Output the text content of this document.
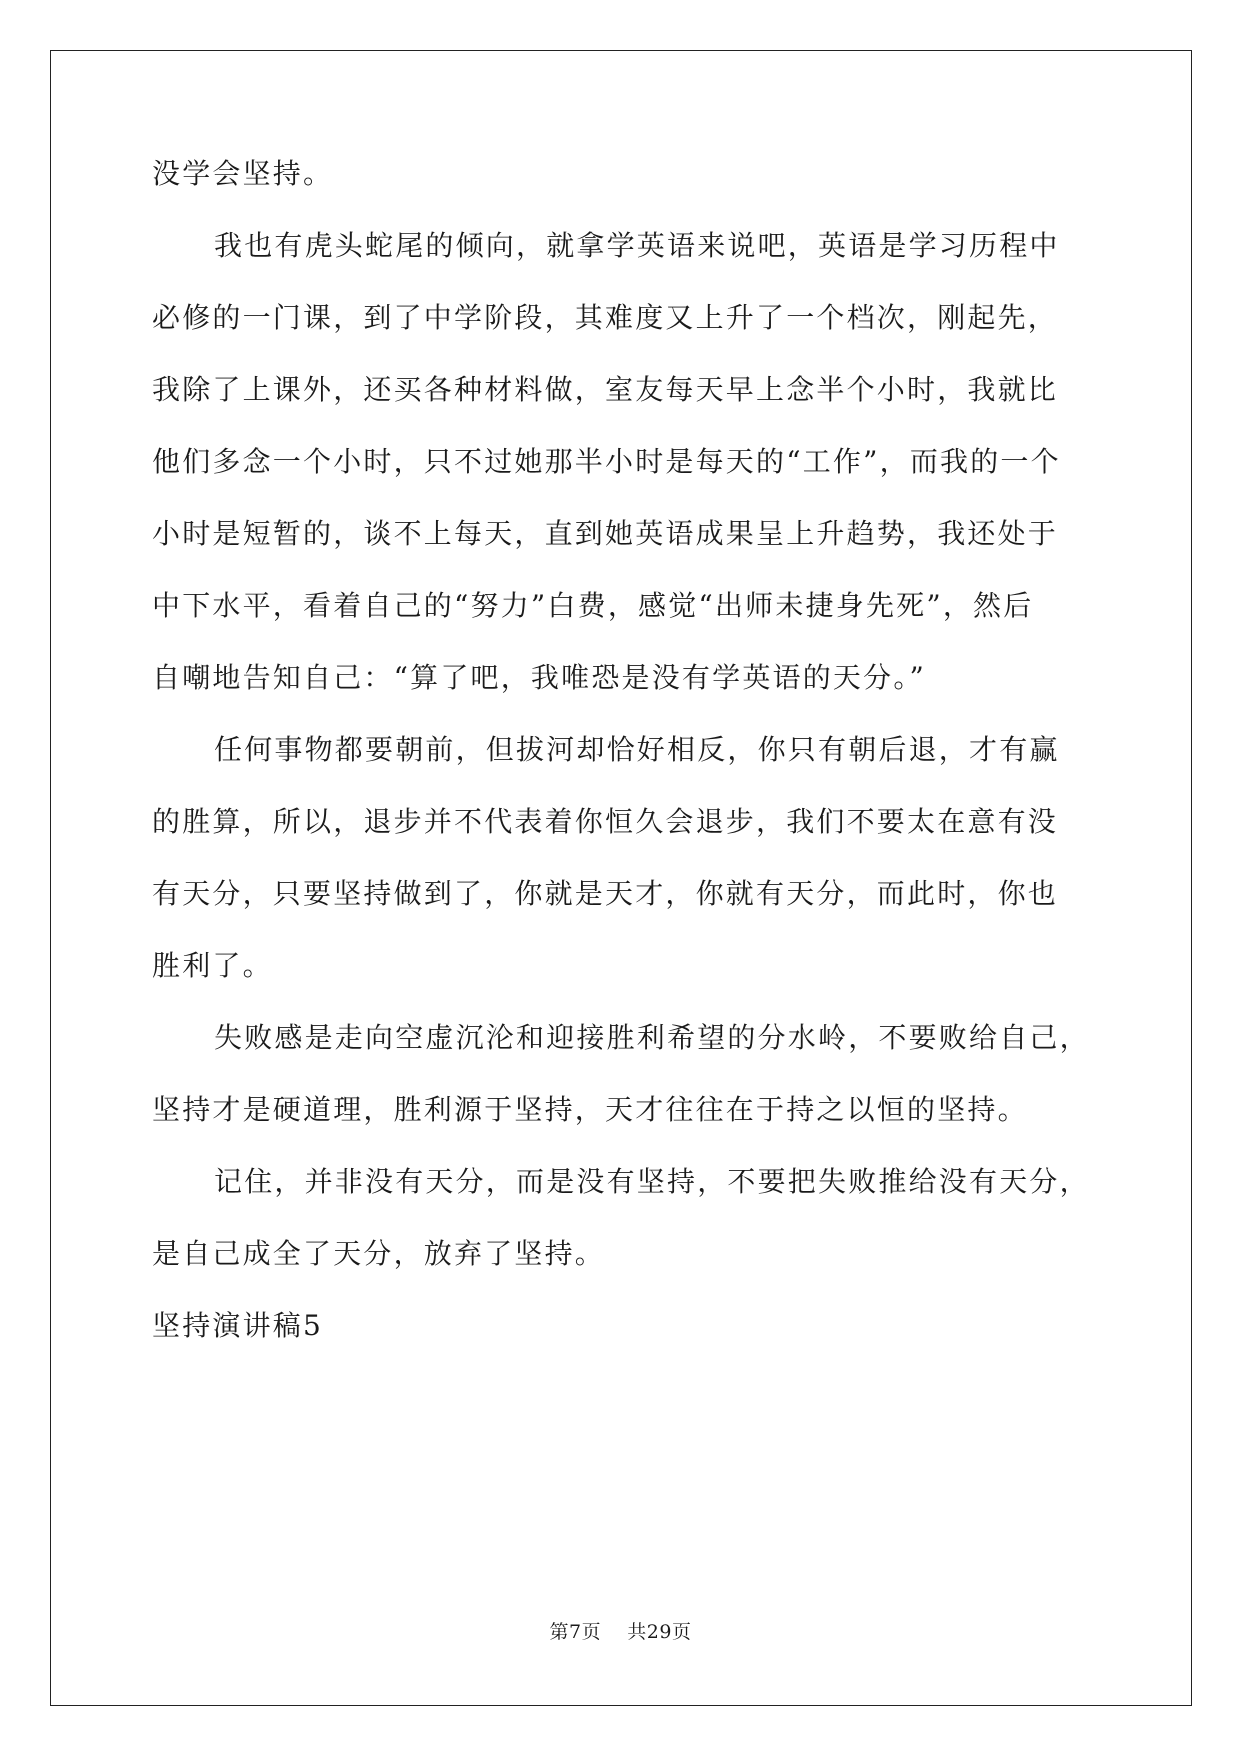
没学会坚持。
我也有虎头蛇尾的倾向，就拿学英语来说吧，英语是学习历程中
必修的一门课，到了中学阶段，其难度又上升了一个档次，刚起先，
我除了上课外，还买各种材料做，室友每天早上念半个小时，我就比
他们多念一个小时，只不过她那半小时是每天的“工作”，而我的一个
小时是短暂的，谈不上每天，直到她英语成果呈上升趋势，我还处于
中下水平，看着自己的“努力”白费，感觉“出师未捷身先死”，然后
自嘲地告知自己：“算了吧，我唯恐是没有学英语的天分。”
任何事物都要朝前，但拔河却恰好相反，你只有朝后退，才有赢
的胜算，所以，退步并不代表着你恒久会退步，我们不要太在意有没
有天分，只要坚持做到了，你就是天才，你就有天分，而此时，你也
胜利了。
失败感是走向空虚沉沦和迎接胜利希望的分水岭，不要败给自己，
坚持才是硬道理，胜利源于坚持，天才往往在于持之以恒的坚持。
记住，并非没有天分，而是没有坚持，不要把失败推给没有天分，
是自己成全了天分，放弃了坚持。
坚持演讲稿5
第7页 共29页
